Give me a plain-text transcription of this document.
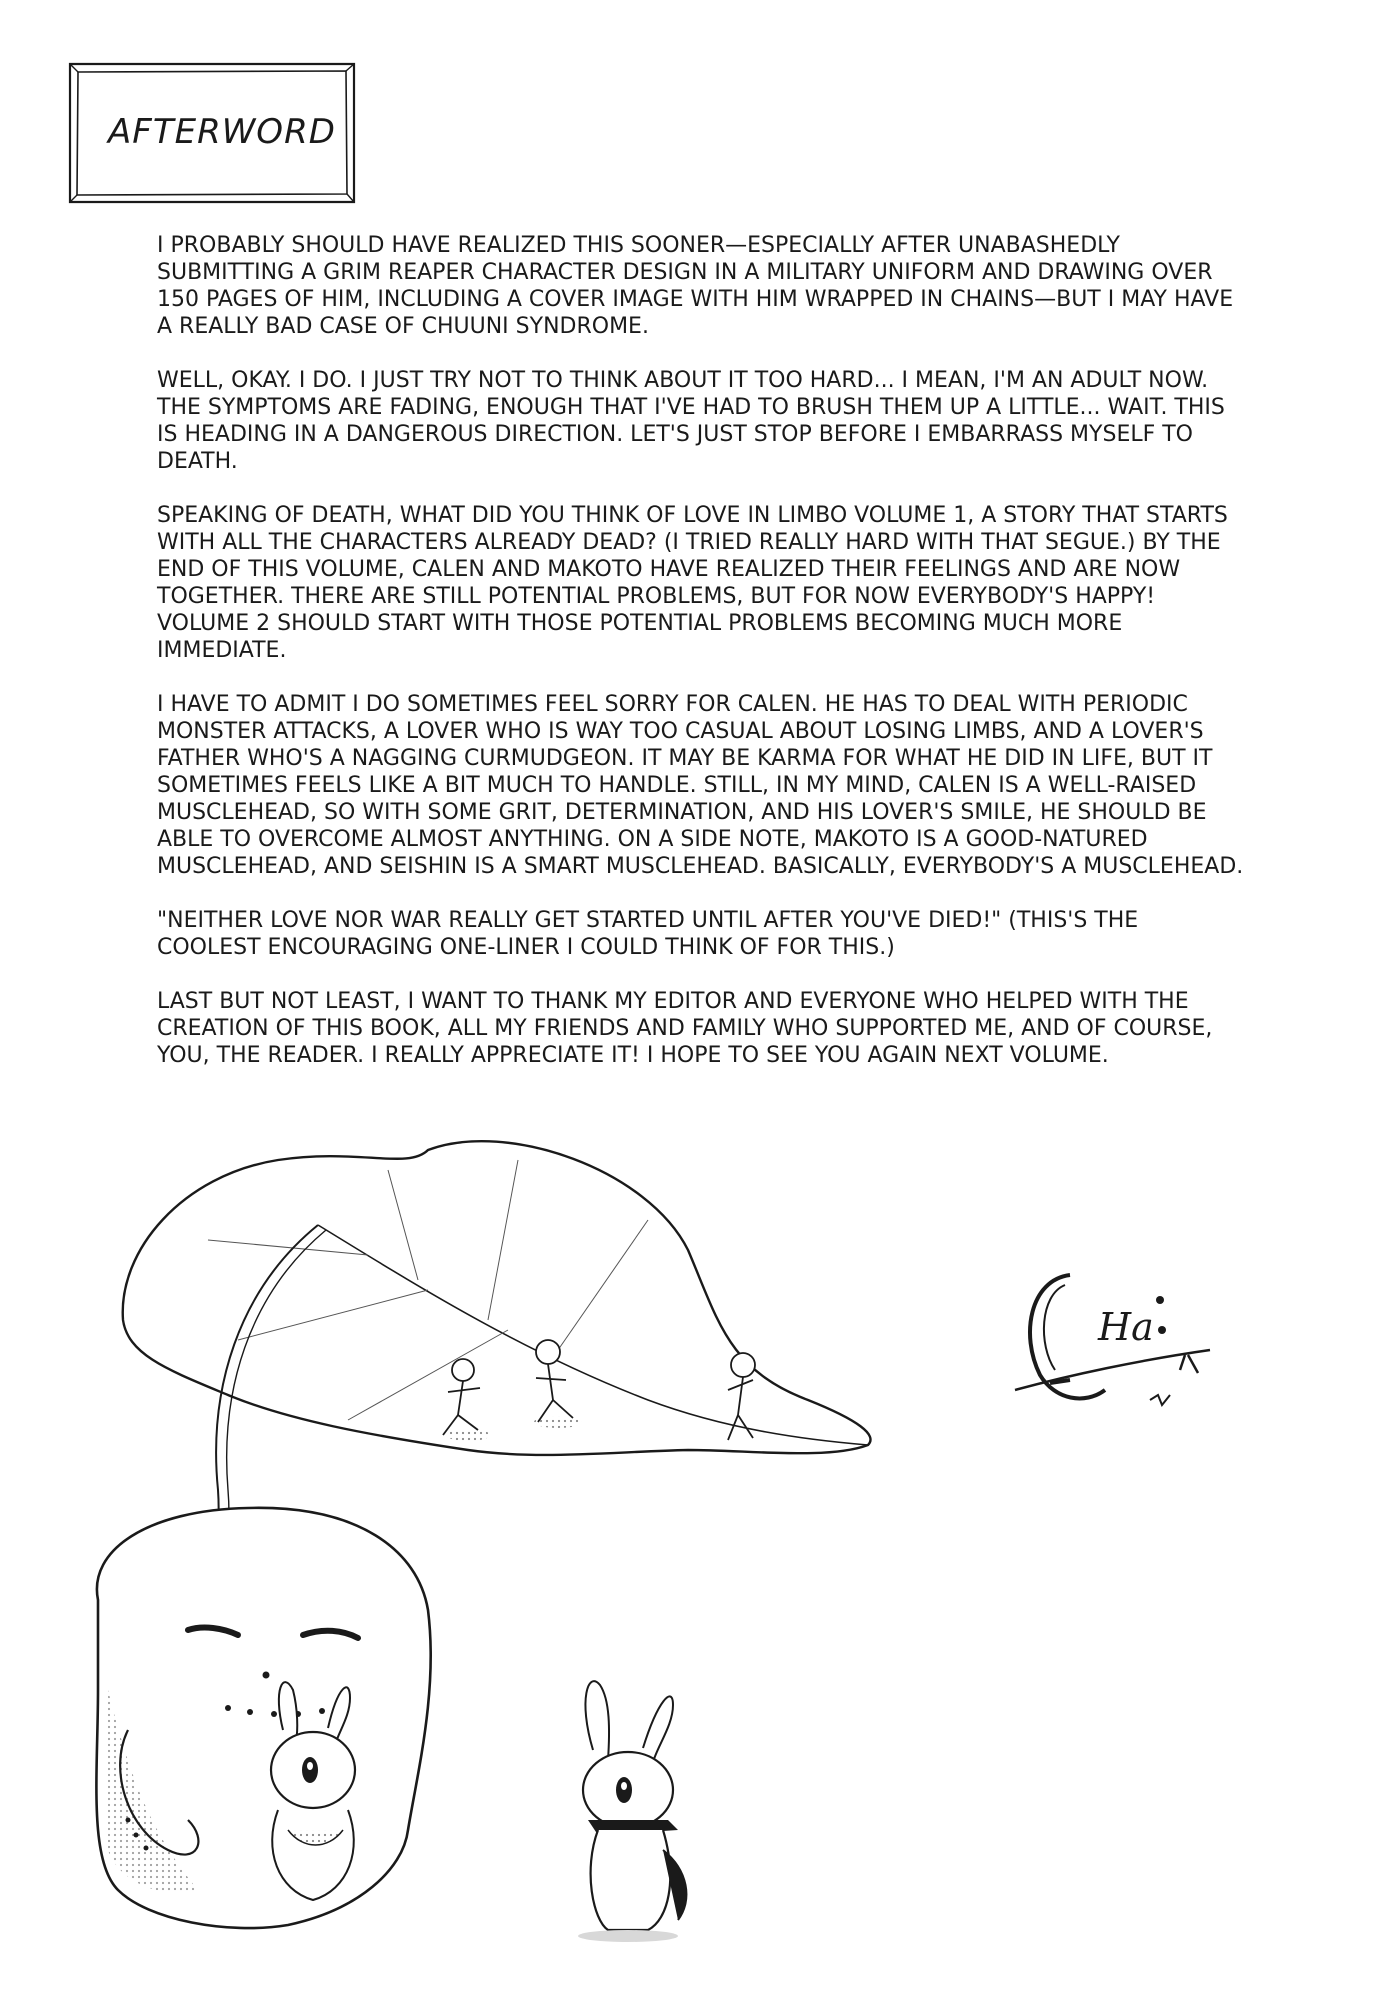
AFTERWORD

I PROBABLY SHOULD HAVE REALIZED THIS SOONER—ESPECIALLY AFTER UNABASHEDLY SUBMITTING A GRIM REAPER CHARACTER DESIGN IN A MILITARY UNIFORM AND DRAWING OVER 150 PAGES OF HIM, INCLUDING A COVER IMAGE WITH HIM WRAPPED IN CHAINS—BUT I MAY HAVE A REALLY BAD CASE OF CHUUNI SYNDROME.

WELL, OKAY. I DO. I JUST TRY NOT TO THINK ABOUT IT TOO HARD... I MEAN, I'M AN ADULT NOW. THE SYMPTOMS ARE FADING, ENOUGH THAT I'VE HAD TO BRUSH THEM UP A LITTLE... WAIT. THIS IS HEADING IN A DANGEROUS DIRECTION. LET'S JUST STOP BEFORE I EMBARRASS MYSELF TO DEATH.

SPEAKING OF DEATH, WHAT DID YOU THINK OF LOVE IN LIMBO VOLUME 1, A STORY THAT STARTS WITH ALL THE CHARACTERS ALREADY DEAD? (I TRIED REALLY HARD WITH THAT SEGUE.) BY THE END OF THIS VOLUME, CALEN AND MAKOTO HAVE REALIZED THEIR FEELINGS AND ARE NOW TOGETHER. THERE ARE STILL POTENTIAL PROBLEMS, BUT FOR NOW EVERYBODY'S HAPPY! VOLUME 2 SHOULD START WITH THOSE POTENTIAL PROBLEMS BECOMING MUCH MORE IMMEDIATE.

I HAVE TO ADMIT I DO SOMETIMES FEEL SORRY FOR CALEN. HE HAS TO DEAL WITH PERIODIC MONSTER ATTACKS, A LOVER WHO IS WAY TOO CASUAL ABOUT LOSING LIMBS, AND A LOVER'S FATHER WHO'S A NAGGING CURMUDGEON. IT MAY BE KARMA FOR WHAT HE DID IN LIFE, BUT IT SOMETIMES FEELS LIKE A BIT MUCH TO HANDLE. STILL, IN MY MIND, CALEN IS A WELL-RAISED MUSCLEHEAD, SO WITH SOME GRIT, DETERMINATION, AND HIS LOVER'S SMILE, HE SHOULD BE ABLE TO OVERCOME ALMOST ANYTHING. ON A SIDE NOTE, MAKOTO IS A GOOD-NATURED MUSCLEHEAD, AND SEISHIN IS A SMART MUSCLEHEAD. BASICALLY, EVERYBODY'S A MUSCLEHEAD.

"NEITHER LOVE NOR WAR REALLY GET STARTED UNTIL AFTER YOU'VE DIED!" (THIS'S THE COOLEST ENCOURAGING ONE-LINER I COULD THINK OF FOR THIS.)

LAST BUT NOT LEAST, I WANT TO THANK MY EDITOR AND EVERYONE WHO HELPED WITH THE CREATION OF THIS BOOK, ALL MY FRIENDS AND FAMILY WHO SUPPORTED ME, AND OF COURSE, YOU, THE READER. I REALLY APPRECIATE IT! I HOPE TO SEE YOU AGAIN NEXT VOLUME.

Ha
